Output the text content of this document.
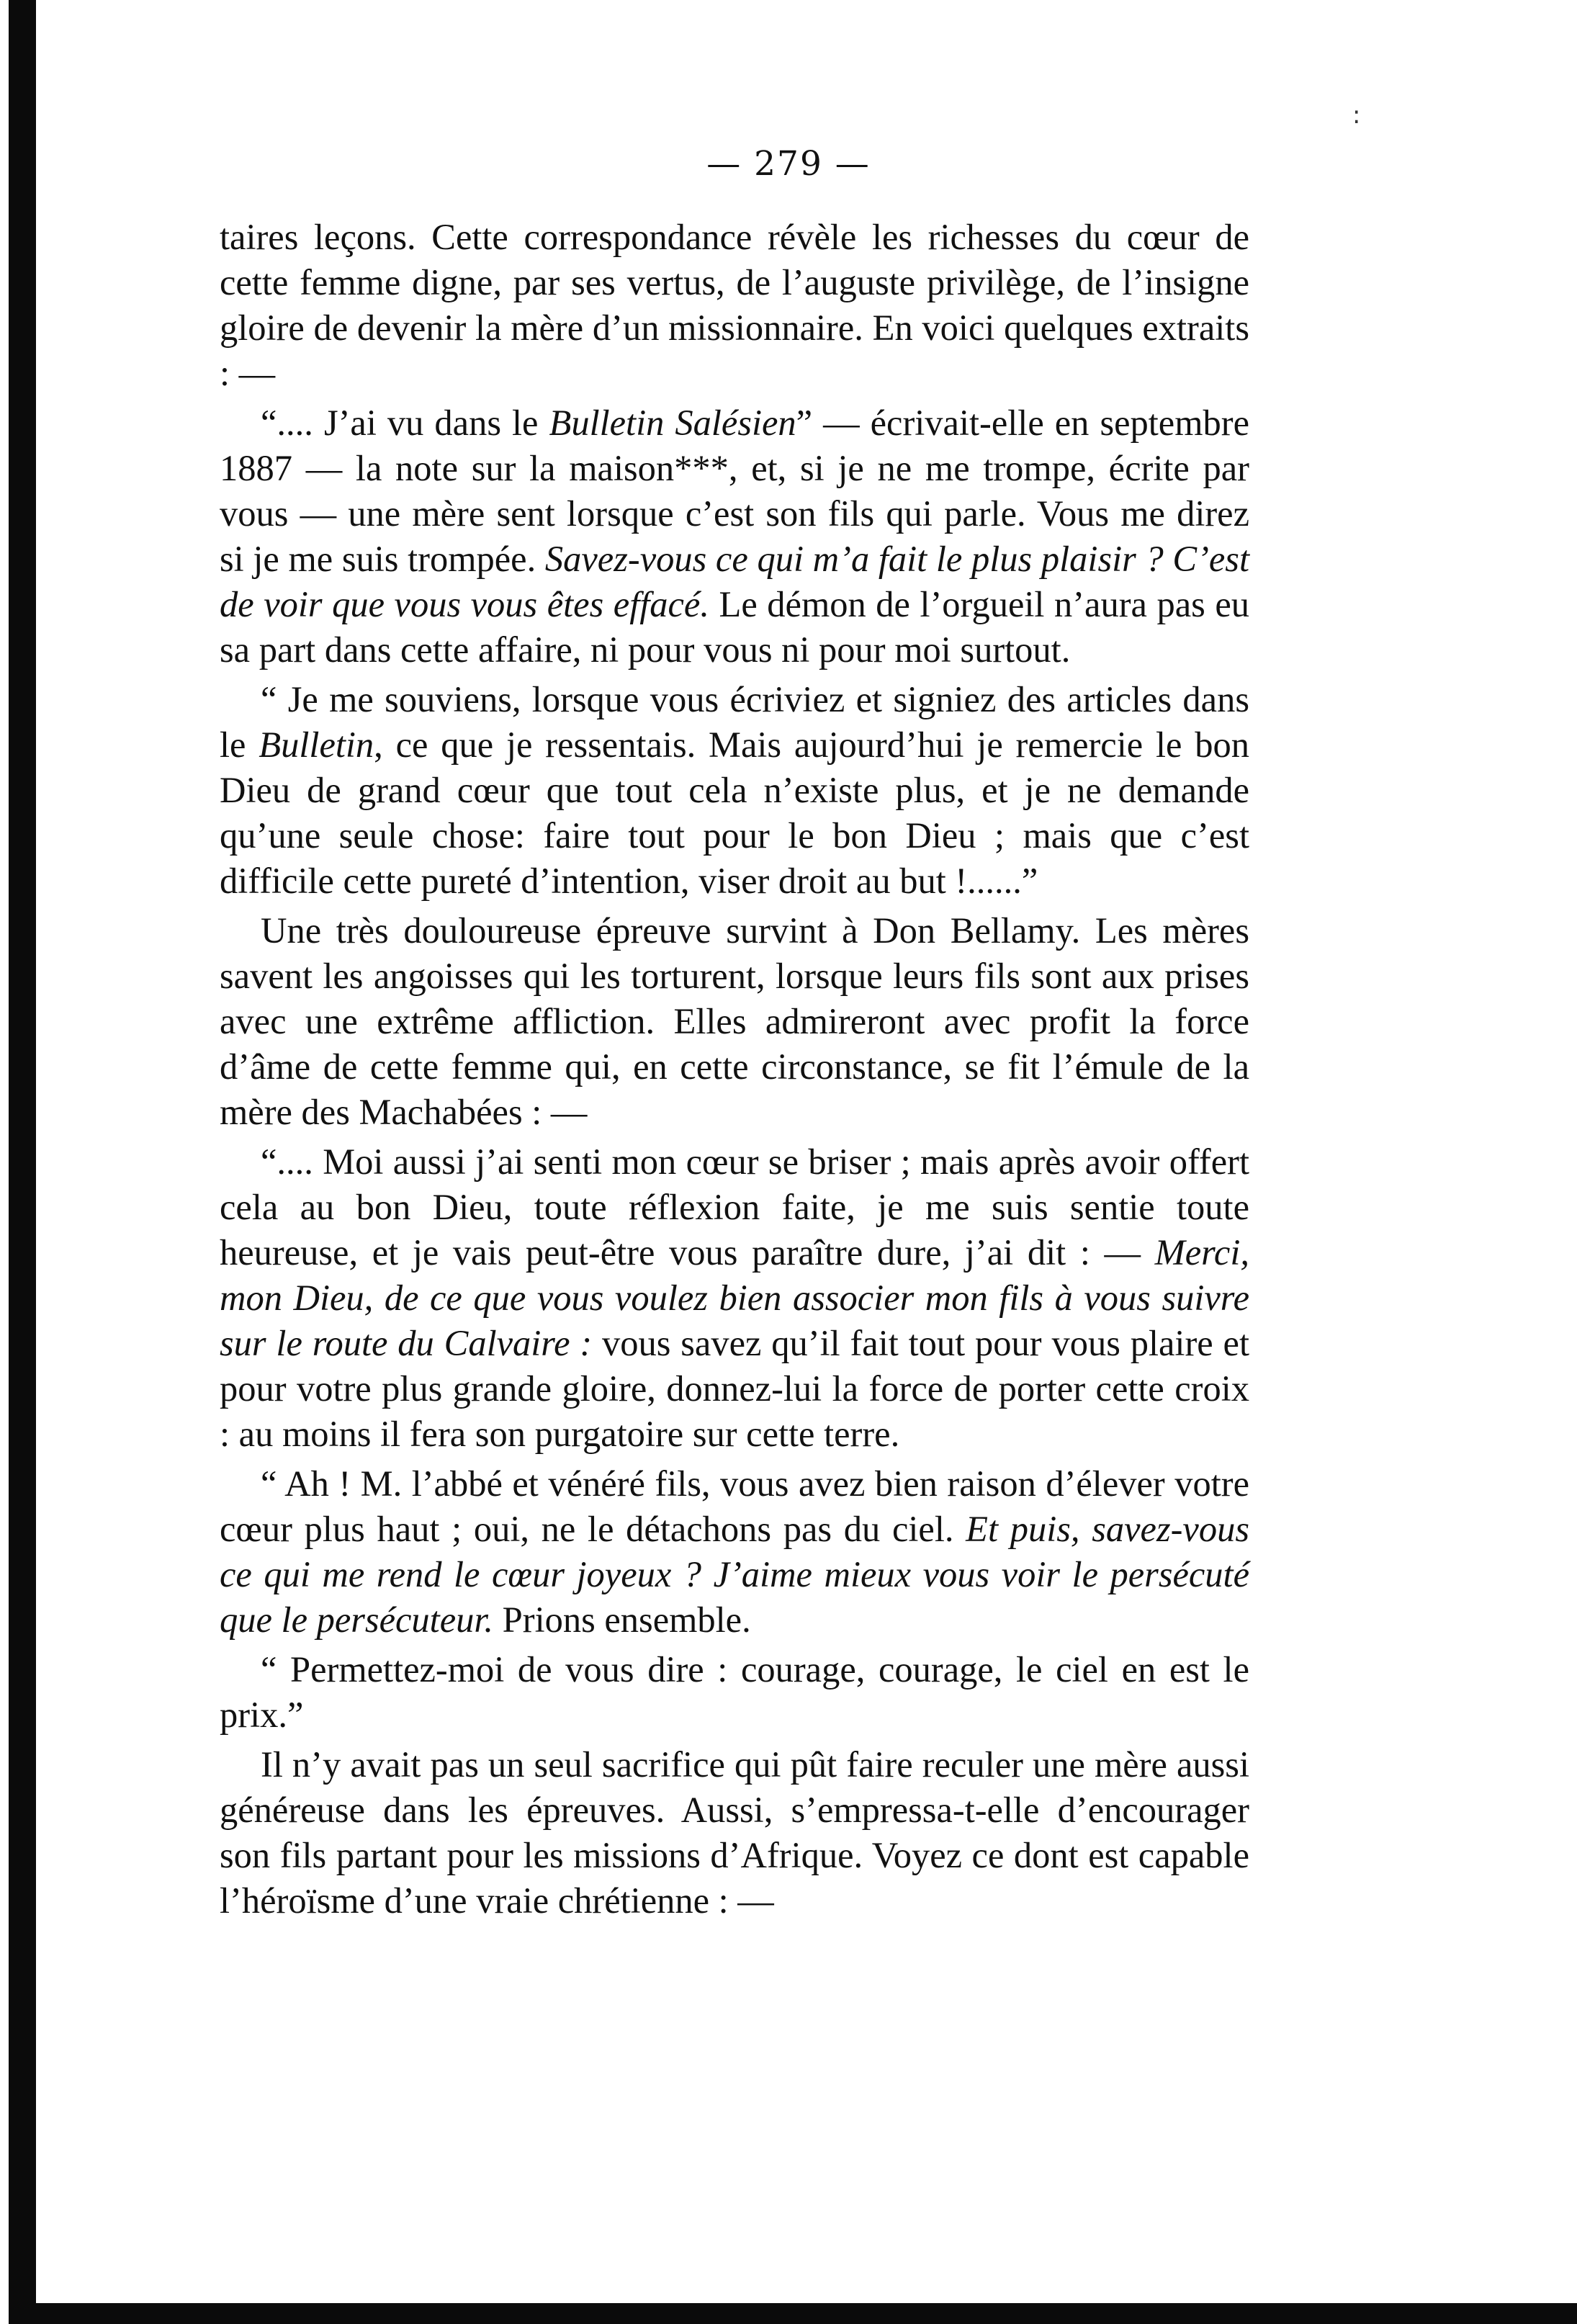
:
— 279 —

taires leçons. Cette correspondance révèle les richesses du cœur de cette femme digne, par ses vertus, de l’auguste privilège, de l’insigne gloire de devenir la mère d’un missionnaire. En voici quelques extraits : —

“.... J’ai vu dans le Bulletin Salésien” — écrivait-elle en septembre 1887 — la note sur la maison***, et, si je ne me trompe, écrite par vous — une mère sent lorsque c’est son fils qui parle. Vous me direz si je me suis trompée. Savez-vous ce qui m’a fait le plus plaisir ? C’est de voir que vous vous êtes effacé. Le démon de l’orgueil n’aura pas eu sa part dans cette affaire, ni pour vous ni pour moi surtout.

“ Je me souviens, lorsque vous écriviez et signiez des articles dans le Bulletin, ce que je ressentais. Mais aujourd’hui je remercie le bon Dieu de grand cœur que tout cela n’existe plus, et je ne demande qu’une seule chose: faire tout pour le bon Dieu ; mais que c’est difficile cette pureté d’intention, viser droit au but !......”

Une très douloureuse épreuve survint à Don Bellamy. Les mères savent les angoisses qui les torturent, lorsque leurs fils sont aux prises avec une extrême affliction. Elles admireront avec profit la force d’âme de cette femme qui, en cette circonstance, se fit l’émule de la mère des Machabées : —

“.... Moi aussi j’ai senti mon cœur se briser ; mais après avoir offert cela au bon Dieu, toute réflexion faite, je me suis sentie toute heureuse, et je vais peut-être vous paraître dure, j’ai dit : — Merci, mon Dieu, de ce que vous voulez bien associer mon fils à vous suivre sur le route du Calvaire : vous savez qu’il fait tout pour vous plaire et pour votre plus grande gloire, donnez-lui la force de porter cette croix : au moins il fera son purgatoire sur cette terre.

“ Ah ! M. l’abbé et vénéré fils, vous avez bien raison d’élever votre cœur plus haut ; oui, ne le détachons pas du ciel. Et puis, savez-vous ce qui me rend le cœur joyeux ? J’aime mieux vous voir le persécuté que le persécuteur. Prions ensemble.

“ Permettez-moi de vous dire : courage, courage, le ciel en est le prix.”

Il n’y avait pas un seul sacrifice qui pût faire reculer une mère aussi généreuse dans les épreuves. Aussi, s’empressa-t-elle d’encourager son fils partant pour les missions d’Afrique. Voyez ce dont est capable l’héroïsme d’une vraie chrétienne : —
